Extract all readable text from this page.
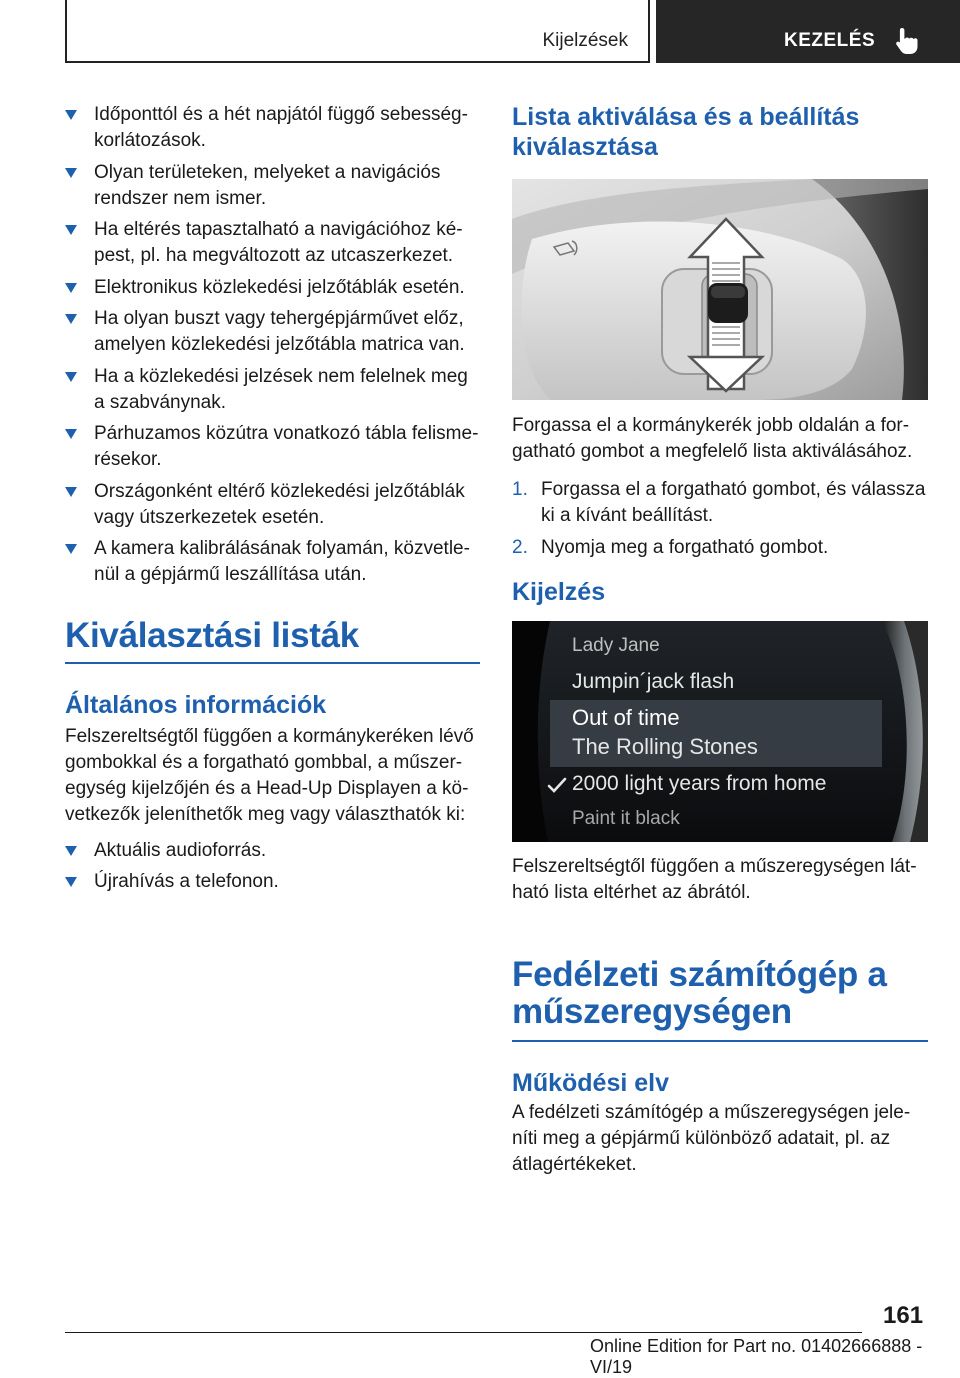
Kijelzések	KEZELÉS
Időponttól és a hét napjától függő sebességkorlátozások.
Olyan területeken, melyeket a navigációs rendszer nem ismer.
Ha eltérés tapasztalható a navigációhoz képest, pl. ha megváltozott az utcaszerkezet.
Elektronikus közlekedési jelzőtáblák esetén.
Ha olyan buszt vagy tehergépjárművet előz, amelyen közlekedési jelzőtábla matrica van.
Ha a közlekedési jelzések nem felelnek meg a szabványnak.
Párhuzamos közútra vonatkozó tábla felismerésekor.
Országonként eltérő közlekedési jelzőtáblák vagy útszerkezetek esetén.
A kamera kalibrálásának folyamán, közvetlenül a gépjármű leszállítása után.
Kiválasztási listák
Általános információk
Felszereltségtől függően a kormánykeréken lévő gombokkal és a forgatható gombbal, a műszeregység kijelzőjén és a Head-Up Displayen a következők jeleníthetők meg vagy választhatók ki:
Aktuális audioforrás.
Újrahívás a telefonon.
Lista aktiválása és a beállítás kiválasztása
Forgassa el a kormánykerék jobb oldalán a forgatható gombot a megfelelő lista aktiválásához.
1. Forgassa el a forgatható gombot, és válassza ki a kívánt beállítást.
2. Nyomja meg a forgatható gombot.
Kijelzés
Lady Jane
Jumpin´jack flash
Out of time
The Rolling Stones
2000 light years from home
Paint it black
Felszereltségtől függően a műszeregységen látható lista eltérhet az ábrától.
Fedélzeti számítógép a műszeregységen
Működési elv
A fedélzeti számítógép a műszeregységen jeleníti meg a gépjármű különböző adatait, pl. az átlagértékeket.
161
Online Edition for Part no. 01402666888 - VI/19
